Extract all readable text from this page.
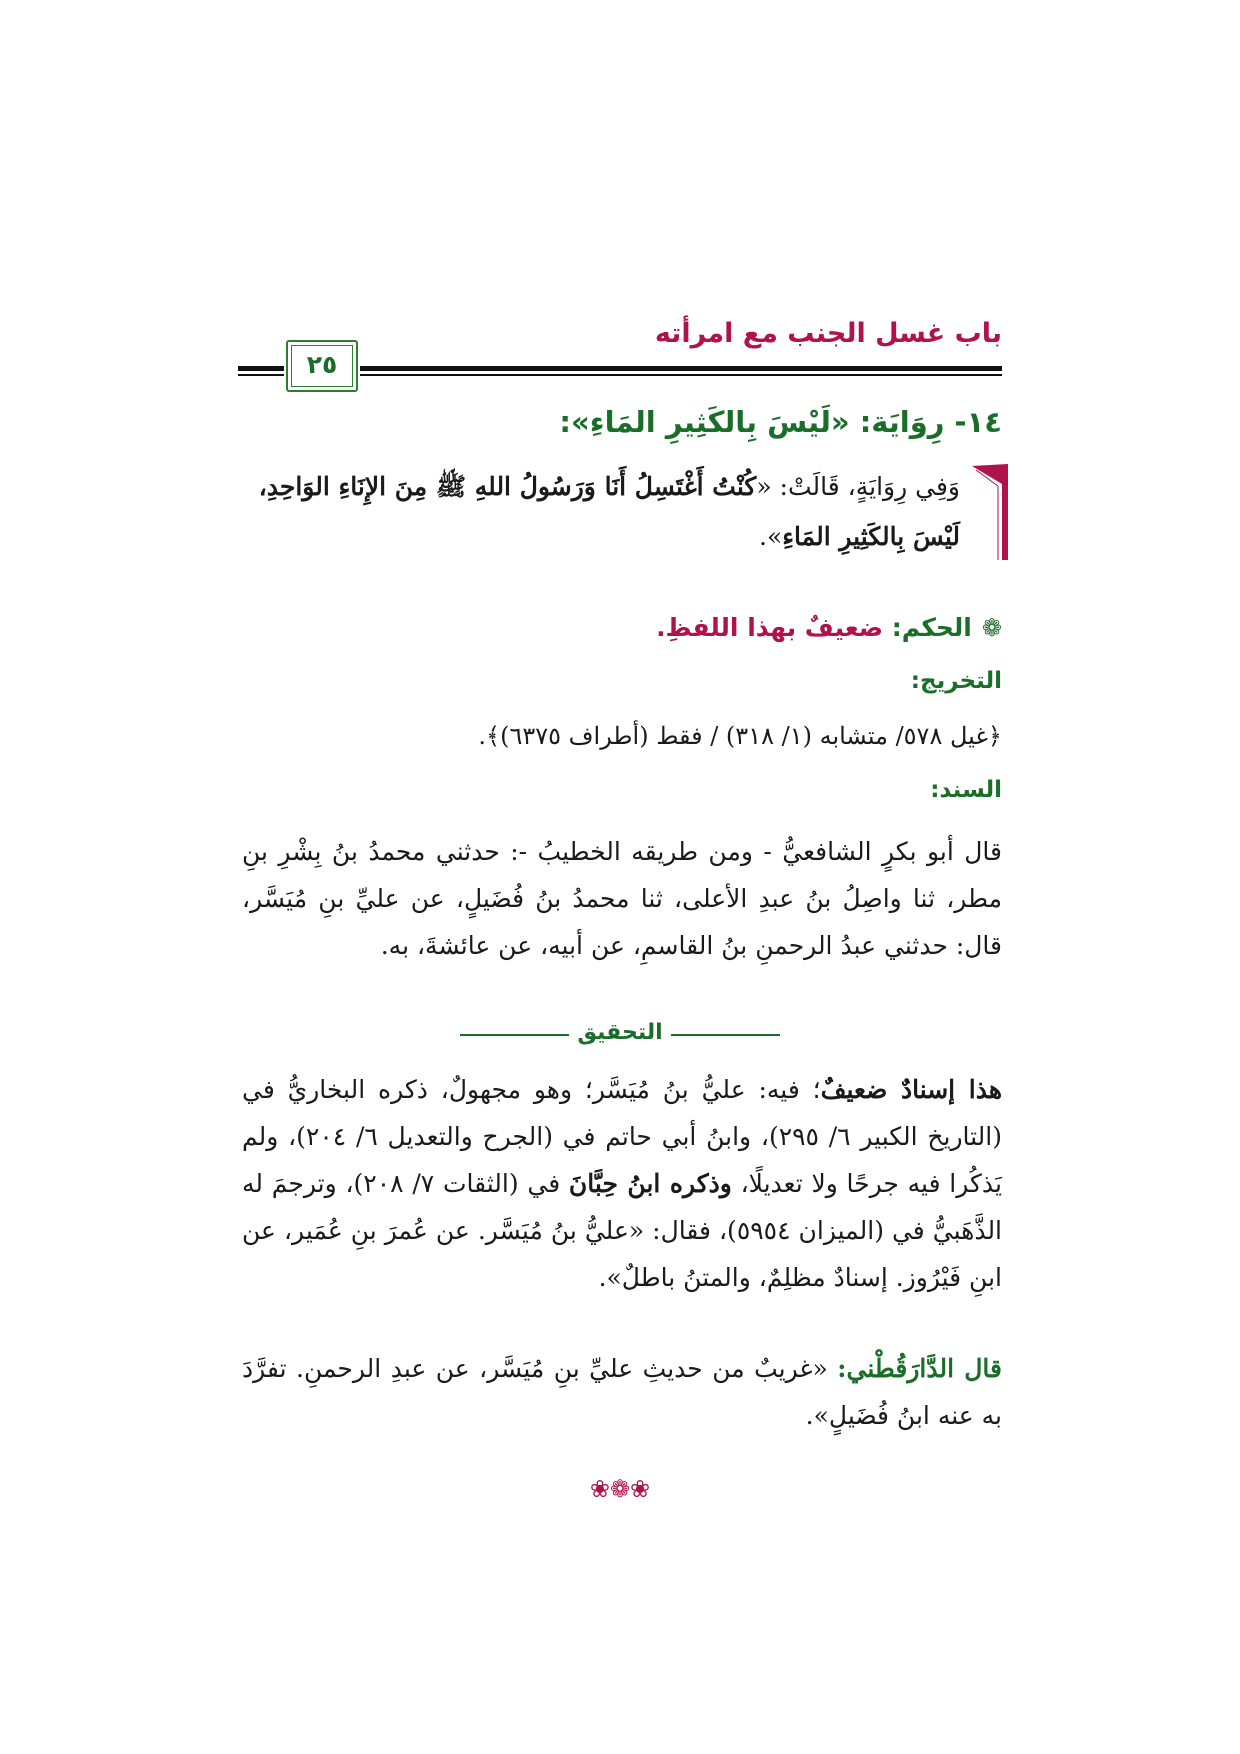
باب غسل الجنب مع امرأته
٢٥
١٤- رِوَايَة: «لَيْسَ بِالكَثِيرِ المَاءِ»:
وَفِي رِوَايَةٍ، قَالَتْ: «كُنْتُ أَغْتَسِلُ أَنَا وَرَسُولُ اللهِ ﷺ مِنَ الإِنَاءِ الوَاحِدِ،
لَيْسَ بِالكَثِيرِ المَاءِ».
❁الحكم: ضعيفٌ بهذا اللفظِ.
التخريج:
﴿غيل ٥٧٨/ متشابه (١/ ٣١٨) / فقط (أطراف ٦٣٧٥)﴾.
السند:
قال أبو بكرٍ الشافعيُّ - ومن طريقه الخطيبُ -: حدثني محمدُ بنُ بِشْرِ بنِ مطر، ثنا واصِلُ بنُ عبدِ الأعلى، ثنا محمدُ بنُ فُضَيلٍ، عن عليِّ بنِ مُيَسَّر، قال: حدثني عبدُ الرحمنِ بنُ القاسمِ، عن أبيه، عن عائشةَ، به.
التحقيق
هذا إسنادٌ ضعيفٌ؛ فيه: عليُّ بنُ مُيَسَّر؛ وهو مجهولٌ، ذكره البخاريُّ في (التاريخ الكبير ٦/ ٢٩٥)، وابنُ أبي حاتم في (الجرح والتعديل ٦/ ٢٠٤)، ولم يَذكُرا فيه جرحًا ولا تعديلًا، وذكره ابنُ حِبَّانَ في (الثقات ٧/ ٢٠٨)، وترجمَ له الذَّهَبيُّ في (الميزان ٥٩٥٤)، فقال: «عليُّ بنُ مُيَسَّر. عن عُمرَ بنِ عُمَير، عن ابنِ فَيْرُوز. إسنادٌ مظلِمٌ، والمتنُ باطلٌ».
قال الدَّارَقُطْني: «غريبٌ من حديثِ عليِّ بنِ مُيَسَّر، عن عبدِ الرحمنِ. تفرَّدَ به عنه ابنُ فُضَيلٍ».
❀❁❀
